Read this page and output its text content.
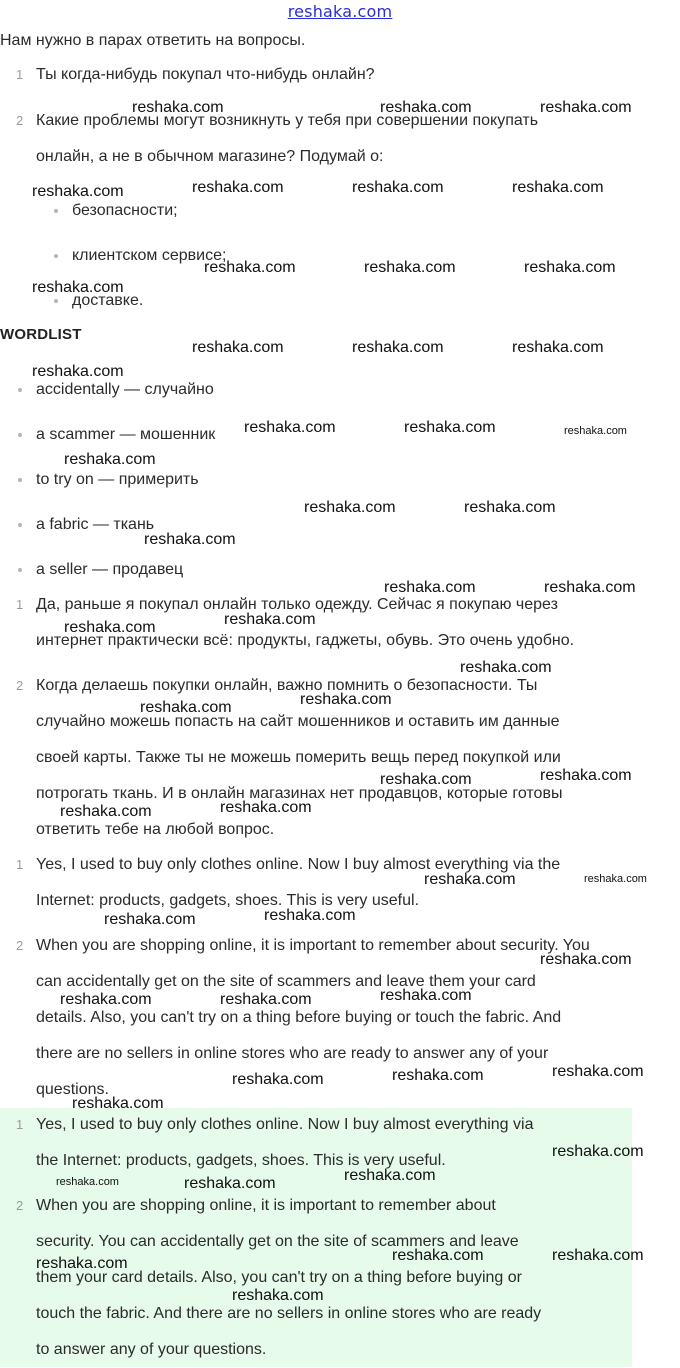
reshaka.com
Нам нужно в парах ответить на вопросы.
1 Ты когда-нибудь покупал что-нибудь онлайн?
2 Какие проблемы могут возникнуть у тебя при совершении покупать
онлайн, а не в обычном магазине? Подумай о:
безопасности;
клиентском сервисе;
доставке.
WORDLIST
accidentally — случайно
a scammer — мошенник
to try on — примерить
a fabric — ткань
a seller — продавец
1 Да, раньше я покупал онлайн только одежду. Сейчас я покупаю через
интернет практически всё: продукты, гаджеты, обувь. Это очень удобно.
2 Когда делаешь покупки онлайн, важно помнить о безопасности. Ты
случайно можешь попасть на сайт мошенников и оставить им данные
своей карты. Также ты не можешь померить вещь перед покупкой или
потрогать ткань. И в онлайн магазинах нет продавцов, которые готовы
ответить тебе на любой вопрос.
1 Yes, I used to buy only clothes online. Now I buy almost everything via the
Internet: products, gadgets, shoes. This is very useful.
2 When you are shopping online, it is important to remember about security. You
can accidentally get on the site of scammers and leave them your card
details. Also, you can't try on a thing before buying or touch the fabric. And
there are no sellers in online stores who are ready to answer any of your
questions.
1 Yes, I used to buy only clothes online. Now I buy almost everything via
the Internet: products, gadgets, shoes. This is very useful.
2 When you are shopping online, it is important to remember about
security. You can accidentally get on the site of scammers and leave
them your card details. Also, you can't try on a thing before buying or
touch the fabric. And there are no sellers in online stores who are ready
to answer any of your questions.
reshaka.com	reshaka.com	reshaka.com
reshaka.com	reshaka.com	reshaka.com	reshaka.com
reshaka.com	reshaka.com	reshaka.com
reshaka.com
reshaka.com	reshaka.com	reshaka.com
reshaka.com
reshaka.com	reshaka.com	reshaka.com
reshaka.com
reshaka.com	reshaka.com
reshaka.com
reshaka.com	reshaka.com
reshaka.com
reshaka.com
reshaka.com
reshaka.com
reshaka.com
reshaka.com
reshaka.com
reshaka.com
reshaka.com
reshaka.com	reshaka.com
reshaka.com
reshaka.com
reshaka.com
reshaka.com
reshaka.com
reshaka.com
reshaka.com
reshaka.com
reshaka.com
reshaka.com
reshaka.com
reshaka.com
reshaka.com
reshaka.com
reshaka.com	reshaka.com
reshaka.com
reshaka.com
